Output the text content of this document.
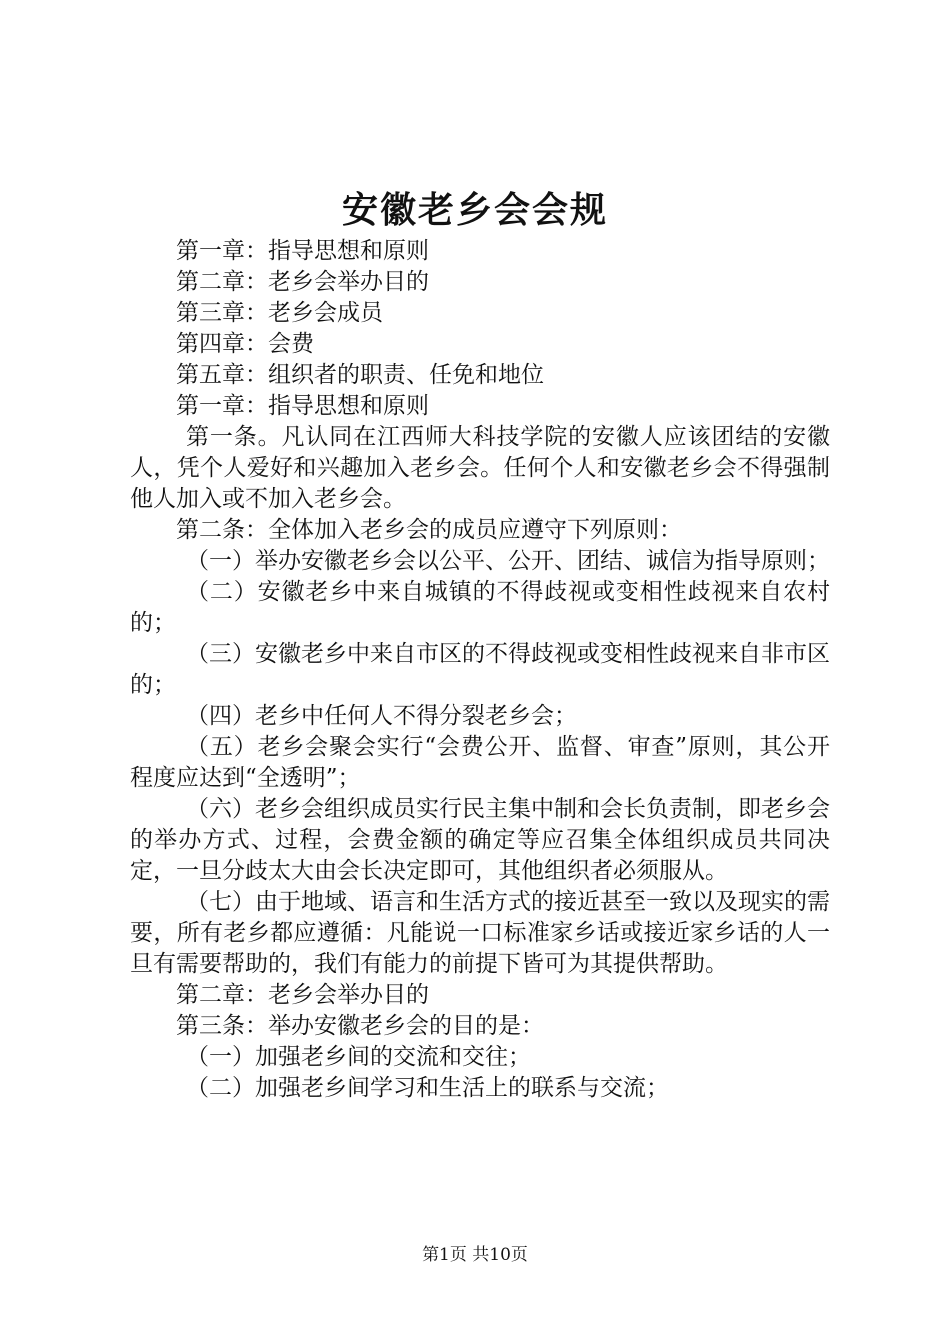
安徽老乡会会规

第一章：指导思想和原则

第二章：老乡会举办目的

第三章：老乡会成员

第四章：会费

第五章：组织者的职责、任免和地位

第一章：指导思想和原则

第一条。凡认同在江西师大科技学院的安徽人应该团结的安徽人，凭个人爱好和兴趣加入老乡会。任何个人和安徽老乡会不得强制他人加入或不加入老乡会。

第二条：全体加入老乡会的成员应遵守下列原则：

（一）举办安徽老乡会以公平、公开、团结、诚信为指导原则；

（二）安徽老乡中来自城镇的不得歧视或变相性歧视来自农村的；

（三）安徽老乡中来自市区的不得歧视或变相性歧视来自非市区的；

（四）老乡中任何人不得分裂老乡会；

（五）老乡会聚会实行“会费公开、监督、审查”原则，其公开程度应达到“全透明”；

（六）老乡会组织成员实行民主集中制和会长负责制，即老乡会的举办方式、过程，会费金额的确定等应召集全体组织成员共同决定，一旦分歧太大由会长决定即可，其他组织者必须服从。

（七）由于地域、语言和生活方式的接近甚至一致以及现实的需要，所有老乡都应遵循：凡能说一口标准家乡话或接近家乡话的人一旦有需要帮助的，我们有能力的前提下皆可为其提供帮助。

第二章：老乡会举办目的

第三条：举办安徽老乡会的目的是：

（一）加强老乡间的交流和交往；

（二）加强老乡间学习和生活上的联系与交流；

第1页 共10页
